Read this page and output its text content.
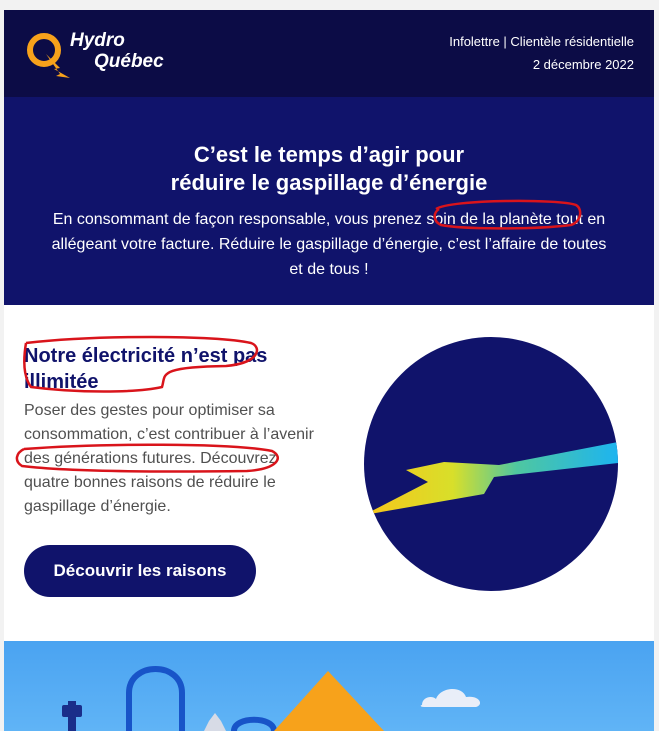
Hydro
Québec
Infolettre | Clientèle résidentielle
2 décembre 2022
C’est le temps d’agir pour
réduire le gaspillage d’énergie

En consommant de façon responsable, vous prenez soin de la planète tout en allégeant votre facture. Réduire le gaspillage d’énergie, c’est l’affaire de toutes et de tous !

Notre électricité n’est pas illimitée

Poser des gestes pour optimiser sa consommation, c’est contribuer à l’avenir des générations futures. Découvrez quatre bonnes raisons de réduire le gaspillage d’énergie.

Découvrir les raisons
